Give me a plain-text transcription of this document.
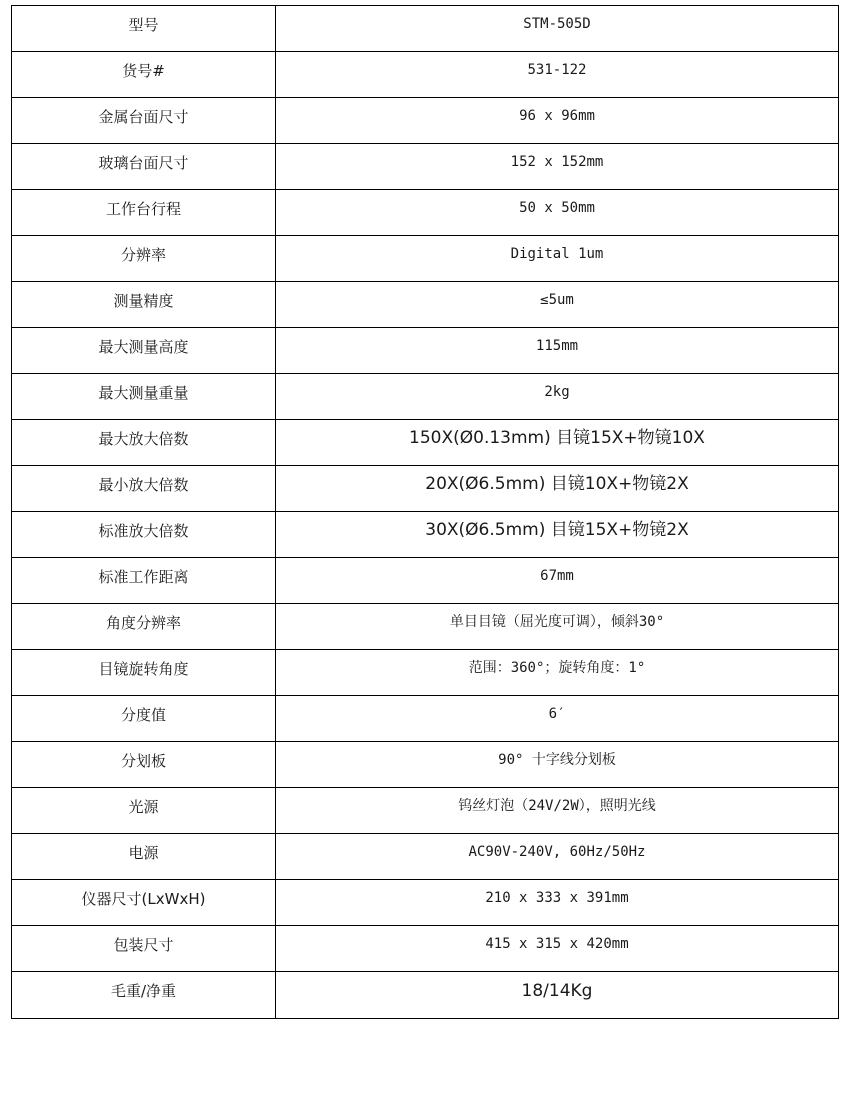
型号	STM-505D
货号#	531-122
金属台面尺寸	96 x 96mm
玻璃台面尺寸	152 x 152mm
工作台行程	50 x 50mm
分辨率	Digital 1um
测量精度	≤5um
最大测量高度	115mm
最大测量重量	2kg
最大放大倍数	150X(Ø0.13mm) 目镜15X+物镜10X
最小放大倍数	20X(Ø6.5mm) 目镜10X+物镜2X
标准放大倍数	30X(Ø6.5mm) 目镜15X+物镜2X
标准工作距离	67mm
角度分辨率	单目目镜（屈光度可调），倾斜30°
目镜旋转角度	范围：360°；旋转角度：1°
分度值	6′
分划板	90° 十字线分划板
光源	钨丝灯泡（24V/2W），照明光线
电源	AC90V-240V, 60Hz/50Hz
仪器尺寸(LxWxH)	210 x 333 x 391mm
包装尺寸	415 x 315 x 420mm
毛重/净重	18/14Kg
